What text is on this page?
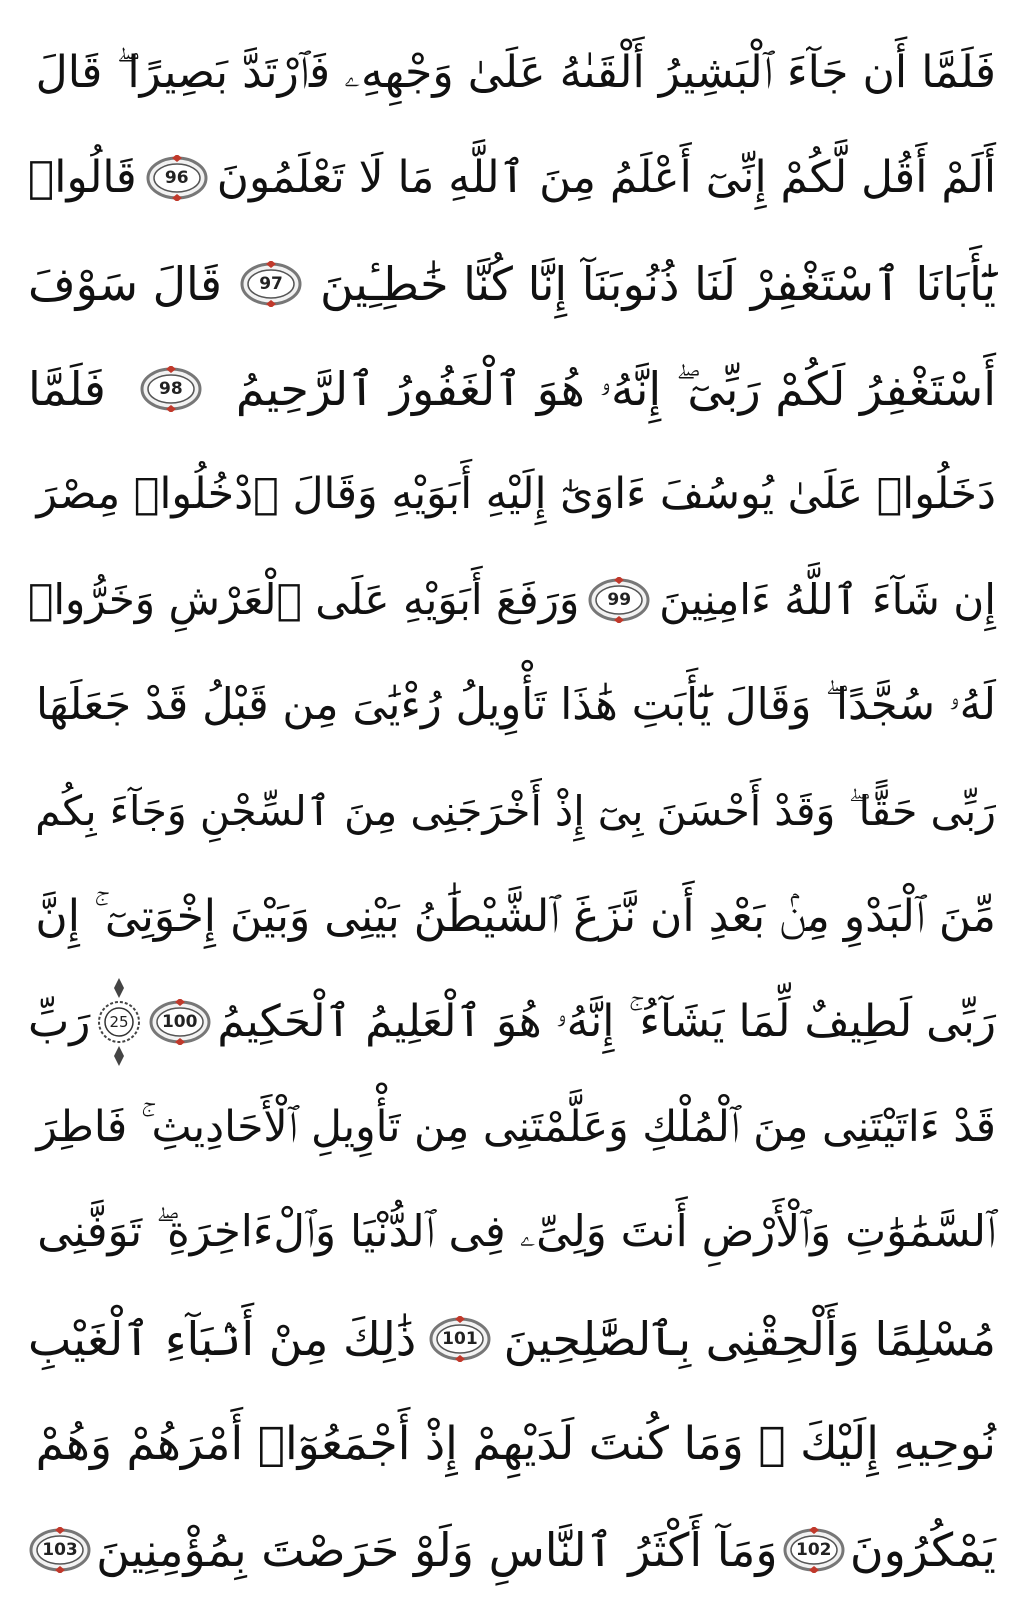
فَلَمَّا أَن جَآءَ ٱلْبَشِيرُ أَلْقَىٰهُ عَلَىٰ وَجْهِهِۦ فَٱرْتَدَّ بَصِيرًا ۖ قَالَ
أَلَمْ أَقُل لَّكُمْ إِنِّىٓ أَعْلَمُ مِنَ ٱللَّهِ مَا لَا تَعْلَمُونَ
96
قَالُوا۟
يَٰٓأَبَانَا ٱسْتَغْفِرْ لَنَا ذُنُوبَنَآ إِنَّا كُنَّا خَٰطِـِٔينَ
97
قَالَ سَوْفَ
أَسْتَغْفِرُ لَكُمْ رَبِّىٓ ۖ إِنَّهُۥ هُوَ ٱلْغَفُورُ ٱلرَّحِيمُ
98
فَلَمَّا
دَخَلُوا۟ عَلَىٰ يُوسُفَ ءَاوَىٰٓ إِلَيْهِ أَبَوَيْهِ وَقَالَ ٱدْخُلُوا۟ مِصْرَ
إِن شَآءَ ٱللَّهُ ءَامِنِينَ
99
وَرَفَعَ أَبَوَيْهِ عَلَى ٱلْعَرْشِ وَخَرُّوا۟
لَهُۥ سُجَّدًا ۖ وَقَالَ يَٰٓأَبَتِ هَٰذَا تَأْوِيلُ رُءْيَٰىَ مِن قَبْلُ قَدْ جَعَلَهَا
رَبِّى حَقًّا ۖ وَقَدْ أَحْسَنَ بِىٓ إِذْ أَخْرَجَنِى مِنَ ٱلسِّجْنِ وَجَآءَ بِكُم
مِّنَ ٱلْبَدْوِ مِنۢ بَعْدِ أَن نَّزَغَ ٱلشَّيْطَٰنُ بَيْنِى وَبَيْنَ إِخْوَتِىٓ ۚ إِنَّ
رَبِّى لَطِيفٌ لِّمَا يَشَآءُ ۚ إِنَّهُۥ هُوَ ٱلْعَلِيمُ ٱلْحَكِيمُ
100
25
رَبِّ
قَدْ ءَاتَيْتَنِى مِنَ ٱلْمُلْكِ وَعَلَّمْتَنِى مِن تَأْوِيلِ ٱلْأَحَادِيثِ ۚ فَاطِرَ
ٱلسَّمَٰوَٰتِ وَٱلْأَرْضِ أَنتَ وَلِىِّۦ فِى ٱلدُّنْيَا وَٱلْءَاخِرَةِ ۖ تَوَفَّنِى
مُسْلِمًا وَأَلْحِقْنِى بِٱلصَّٰلِحِينَ
101
ذَٰلِكَ مِنْ أَنۢبَآءِ ٱلْغَيْبِ
نُوحِيهِ إِلَيْكَ ۖ وَمَا كُنتَ لَدَيْهِمْ إِذْ أَجْمَعُوٓا۟ أَمْرَهُمْ وَهُمْ
يَمْكُرُونَ
102
وَمَآ أَكْثَرُ ٱلنَّاسِ وَلَوْ حَرَصْتَ بِمُؤْمِنِينَ
103
